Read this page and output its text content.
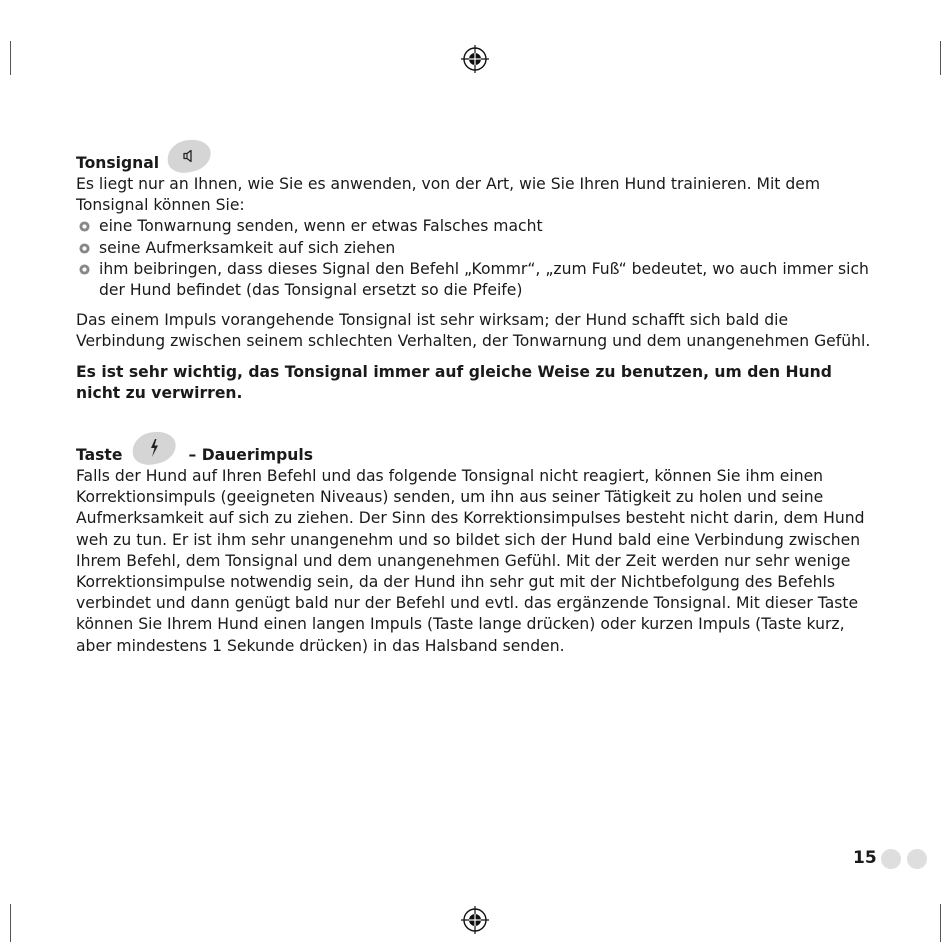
Tonsignal

Es liegt nur an Ihnen, wie Sie es anwenden, von der Art, wie Sie Ihren Hund trainieren. Mit dem Tonsignal können Sie:

eine Tonwarnung senden, wenn er etwas Falsches macht
seine Aufmerksamkeit auf sich ziehen
ihm beibringen, dass dieses Signal den Befehl „Kommr“, „zum Fuß“ bedeutet, wo auch immer sich der Hund befindet (das Tonsignal ersetzt so die Pfeife)

Das einem Impuls vorangehende Tonsignal ist sehr wirksam; der Hund schafft sich bald die Verbindung zwischen seinem schlechten Verhalten, der Tonwarnung und dem unangenehmen Gefühl.

Es ist sehr wichtig, das Tonsignal immer auf gleiche Weise zu benutzen, um den Hund nicht zu verwirren.

Taste	– Dauerimpuls

Falls der Hund auf Ihren Befehl und das folgende Tonsignal nicht reagiert, können Sie ihm einen Korrektionsimpuls (geeigneten Niveaus) senden, um ihn aus seiner Tätigkeit zu holen und seine Aufmerksamkeit auf sich zu ziehen. Der Sinn des Korrektionsimpulses besteht nicht darin, dem Hund weh zu tun. Er ist ihm sehr unangenehm und so bildet sich der Hund bald eine Verbindung zwischen Ihrem Befehl, dem Tonsignal und dem unangenehmen Gefühl. Mit der Zeit werden nur sehr wenige Korrektionsimpulse notwendig sein, da der Hund ihn sehr gut mit der Nichtbefolgung des Befehls verbindet und dann genügt bald nur der Befehl und evtl. das ergänzende Tonsignal. Mit dieser Taste können Sie Ihrem Hund einen langen Impuls (Taste lange drücken) oder kurzen Impuls (Taste kurz, aber mindestens 1 Sekunde drücken) in das Halsband senden.

15
